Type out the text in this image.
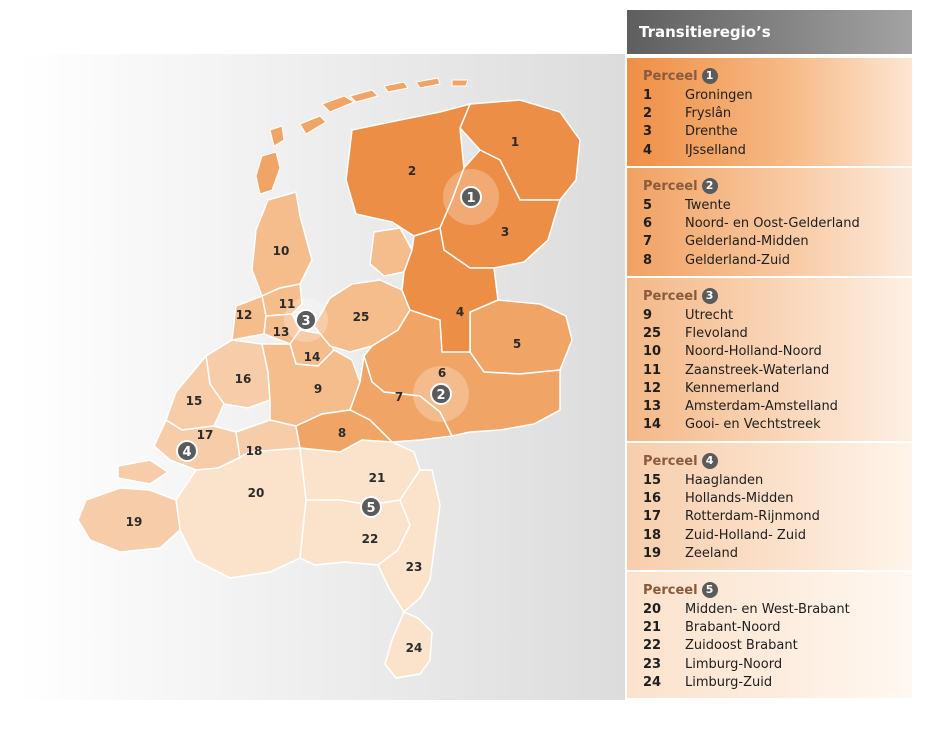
1
2
3
4
5
6
7
8
9
10
11
12
13
14
15
16
17
18
19
20
21
22
23
24
25
1
2
3
4
5
Transitieregio’s
Perceel 1
1	Groningen
2	Fryslân
3	Drenthe
4	IJsselland
Perceel 2
5	Twente
6	Noord- en Oost-Gelderland
7	Gelderland-Midden
8	Gelderland-Zuid
Perceel 3
9	Utrecht
25	Flevoland
10	Noord-Holland-Noord
11	Zaanstreek-Waterland
12	Kennemerland
13	Amsterdam-Amstelland
14	Gooi- en Vechtstreek
Perceel 4
15	Haaglanden
16	Hollands-Midden
17	Rotterdam-Rijnmond
18	Zuid-Holland- Zuid
19	Zeeland
Perceel 5
20	Midden- en West-Brabant
21	Brabant-Noord
22	Zuidoost Brabant
23	Limburg-Noord
24	Limburg-Zuid
